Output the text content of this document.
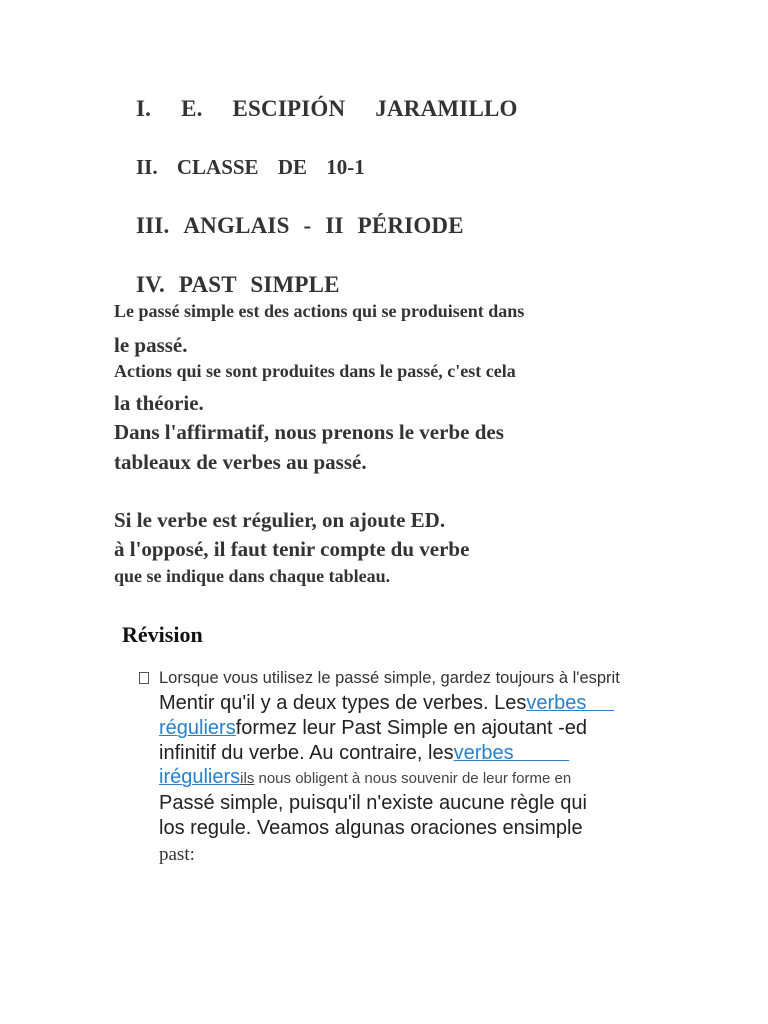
I. E. ESCIPIÓN JARAMILLO
II. CLASSE DE 10-1
III. ANGLAIS - II PÉRIODE
IV. PAST SIMPLE
Le passé simple est des actions qui se produisent dans
le passé.
Actions qui se sont produites dans le passé, c'est cela
la théorie.
Dans l'affirmatif, nous prenons le verbe des
tableaux de verbes au passé.
Si le verbe est régulier, on ajoute ED.
à l'opposé, il faut tenir compte du verbe
que se indique dans chaque tableau.
Révision
Lorsque vous utilisez le passé simple, gardez toujours à l'esprit
Mentir qu'il y a deux types de verbes. Lesverbes
réguliersformez leur Past Simple en ajoutant -ed
infinitif du verbe. Au contraire, lesverbes
iréguliersils nous obligent à nous souvenir de leur forme en
Passé simple, puisqu'il n'existe aucune règle qui
los regule. Veamos algunas oraciones ensimple
past:
